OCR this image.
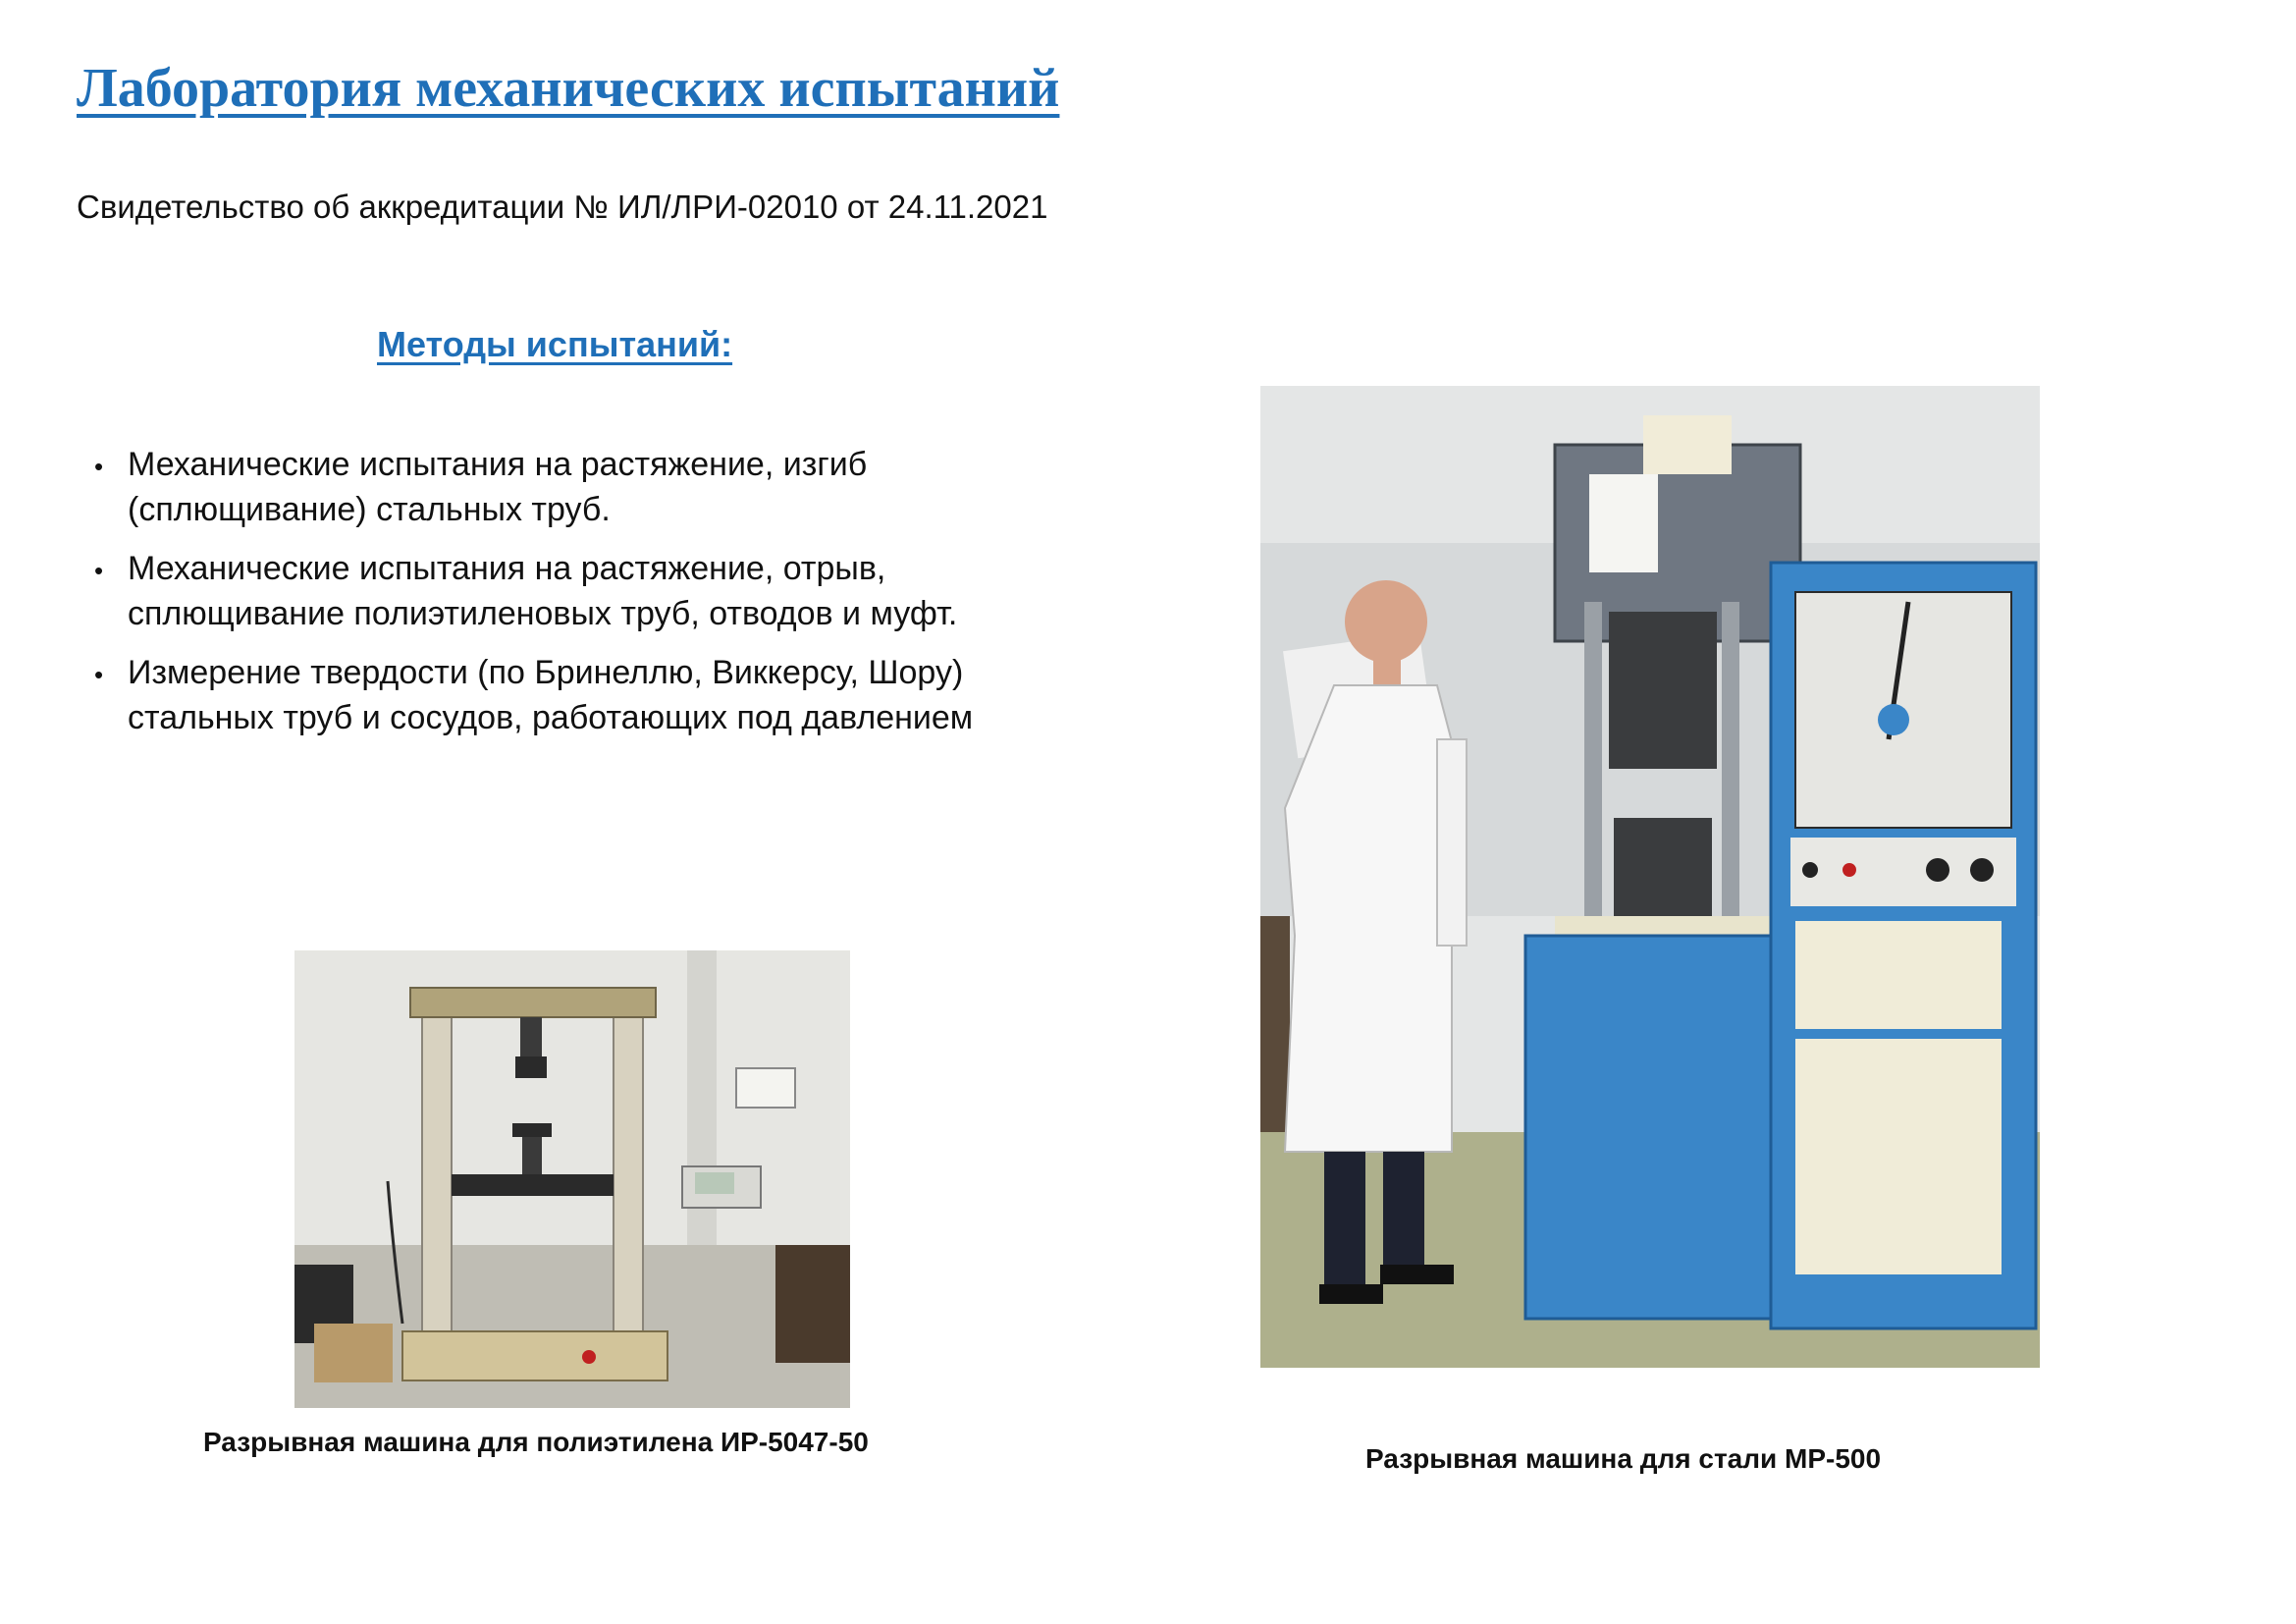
Лаборатория механических испытаний
Свидетельство об аккредитации № ИЛ/ЛРИ-02010 от 24.11.2021
Методы испытаний:
• Механические испытания на растяжение, изгиб (сплющивание) стальных труб.
• Механические испытания на растяжение, отрыв, сплющивание полиэтиленовых труб, отводов и муфт.
• Измерение твердости (по Бринеллю, Виккерсу, Шору) стальных труб и сосудов, работающих под давлением
Разрывная машина для полиэтилена ИР-5047-50
Разрывная машина для стали МР-500
